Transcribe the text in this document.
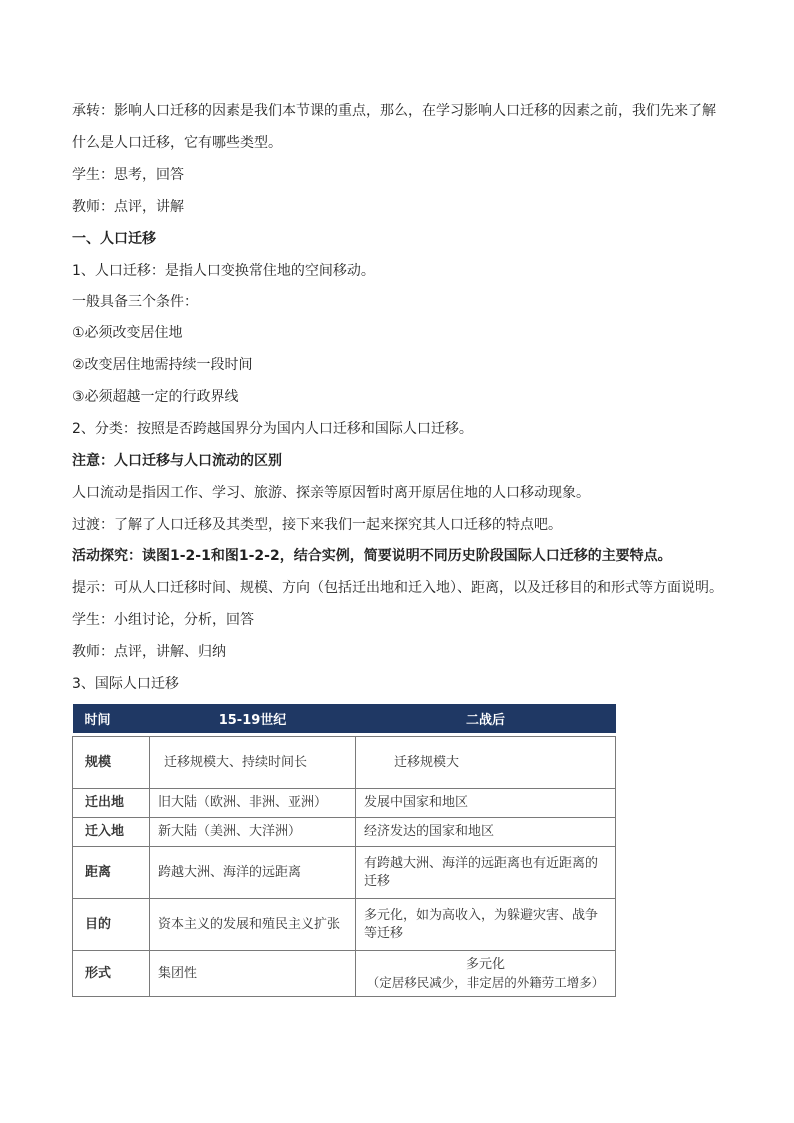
承转：影响人口迁移的因素是我们本节课的重点，那么，在学习影响人口迁移的因素之前，我们先来了解
什么是人口迁移，它有哪些类型。
学生：思考，回答
教师：点评，讲解
一、人口迁移
1、人口迁移：是指人口变换常住地的空间移动。
一般具备三个条件：
①必须改变居住地
②改变居住地需持续一段时间
③必须超越一定的行政界线
2、分类：按照是否跨越国界分为国内人口迁移和国际人口迁移。
注意：人口迁移与人口流动的区别
人口流动是指因工作、学习、旅游、探亲等原因暂时离开原居住地的人口移动现象。
过渡：了解了人口迁移及其类型，接下来我们一起来探究其人口迁移的特点吧。
活动探究：读图1-2-1和图1-2-2，结合实例，简要说明不同历史阶段国际人口迁移的主要特点。
提示：可从人口迁移时间、规模、方向（包括迁出地和迁入地）、距离，以及迁移目的和形式等方面说明。
学生：小组讨论，分析，回答
教师：点评，讲解、归纳
3、国际人口迁移
时间	15-19世纪	二战后

规模	迁移规模大、持续时间长	迁移规模大
迁出地	旧大陆（欧洲、非洲、亚洲）	发展中国家和地区
迁入地	新大陆（美洲、大洋洲）	经济发达的国家和地区
距离	跨越大洲、海洋的远距离	有跨越大洲、海洋的远距离也有近距离的迁移
目的	资本主义的发展和殖民主义扩张	多元化，如为高收入，为躲避灾害、战争等迁移
形式	集团性	多元化
（定居移民减少，非定居的外籍劳工增多）
